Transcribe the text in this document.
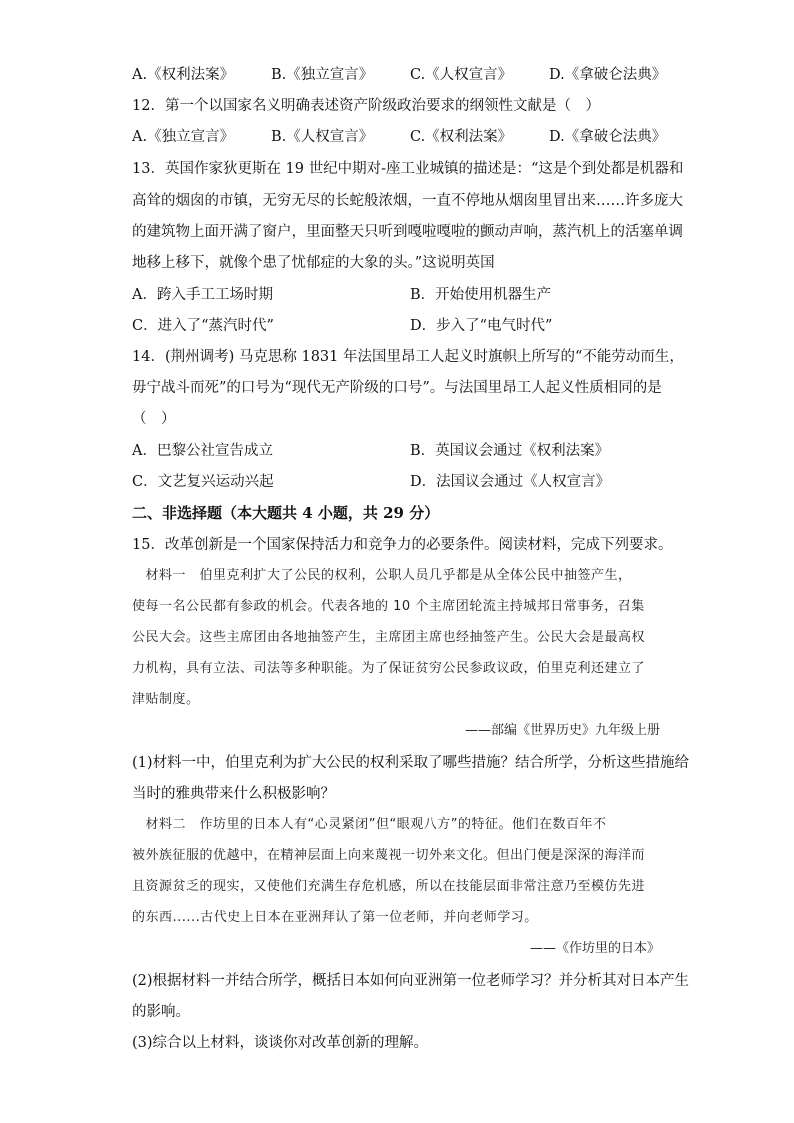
A.《权利法案》	B.《独立宣言》	C.《人权宣言》	D.《拿破仑法典》
12．第一个以国家名义明确表述资产阶级政治要求的纲领性文献是（　）
A.《独立宣言》	B.《人权宣言》	C.《权利法案》	D.《拿破仑法典》
13．英国作家狄更斯在 19 世纪中期对-座工业城镇的描述是：“这是个到处都是机器和
高耸的烟囱的市镇，无穷无尽的长蛇般浓烟，一直不停地从烟囱里冒出来……许多庞大
的建筑物上面开满了窗户，里面整天只听到嘎啦嘎啦的颤动声响，蒸汽机上的活塞单调
地移上移下，就像个患了忧郁症的大象的头。”这说明英国
A．跨入手工工场时期	B．开始使用机器生产
C．进入了“蒸汽时代”	D．步入了“电气时代”
14．(荆州调考) 马克思称 1831 年法国里昂工人起义时旗帜上所写的“不能劳动而生，
毋宁战斗而死”的口号为“现代无产阶级的口号”。与法国里昂工人起义性质相同的是
（　）
A．巴黎公社宣告成立	B．英国议会通过《权利法案》
C．文艺复兴运动兴起	D．法国议会通过《人权宣言》
二、非选择题（本大题共 4 小题，共 29 分）
15．改革创新是一个国家保持活力和竞争力的必要条件。阅读材料，完成下列要求。
　材料一　伯里克利扩大了公民的权利，公职人员几乎都是从全体公民中抽签产生，
使每一名公民都有参政的机会。代表各地的 10 个主席团轮流主持城邦日常事务，召集
公民大会。这些主席团由各地抽签产生，主席团主席也经抽签产生。公民大会是最高权
力机构，具有立法、司法等多种职能。为了保证贫穷公民参政议政，伯里克利还建立了
津贴制度。
——部编《世界历史》九年级上册
(1)材料一中，伯里克利为扩大公民的权利采取了哪些措施？结合所学，分析这些措施给
当时的雅典带来什么积极影响？
　材料二　作坊里的日本人有“心灵紧闭”但“眼观八方”的特征。他们在数百年不
被外族征服的优越中，在精神层面上向来蔑视一切外来文化。但出门便是深深的海洋而
且资源贫乏的现实，又使他们充满生存危机感，所以在技能层面非常注意乃至模仿先进
的东西......古代史上日本在亚洲拜认了第一位老师，并向老师学习。
——《作坊里的日本》
(2)根据材料一并结合所学，概括日本如何向亚洲第一位老师学习？并分析其对日本产生
的影响。
(3)综合以上材料，谈谈你对改革创新的理解。
